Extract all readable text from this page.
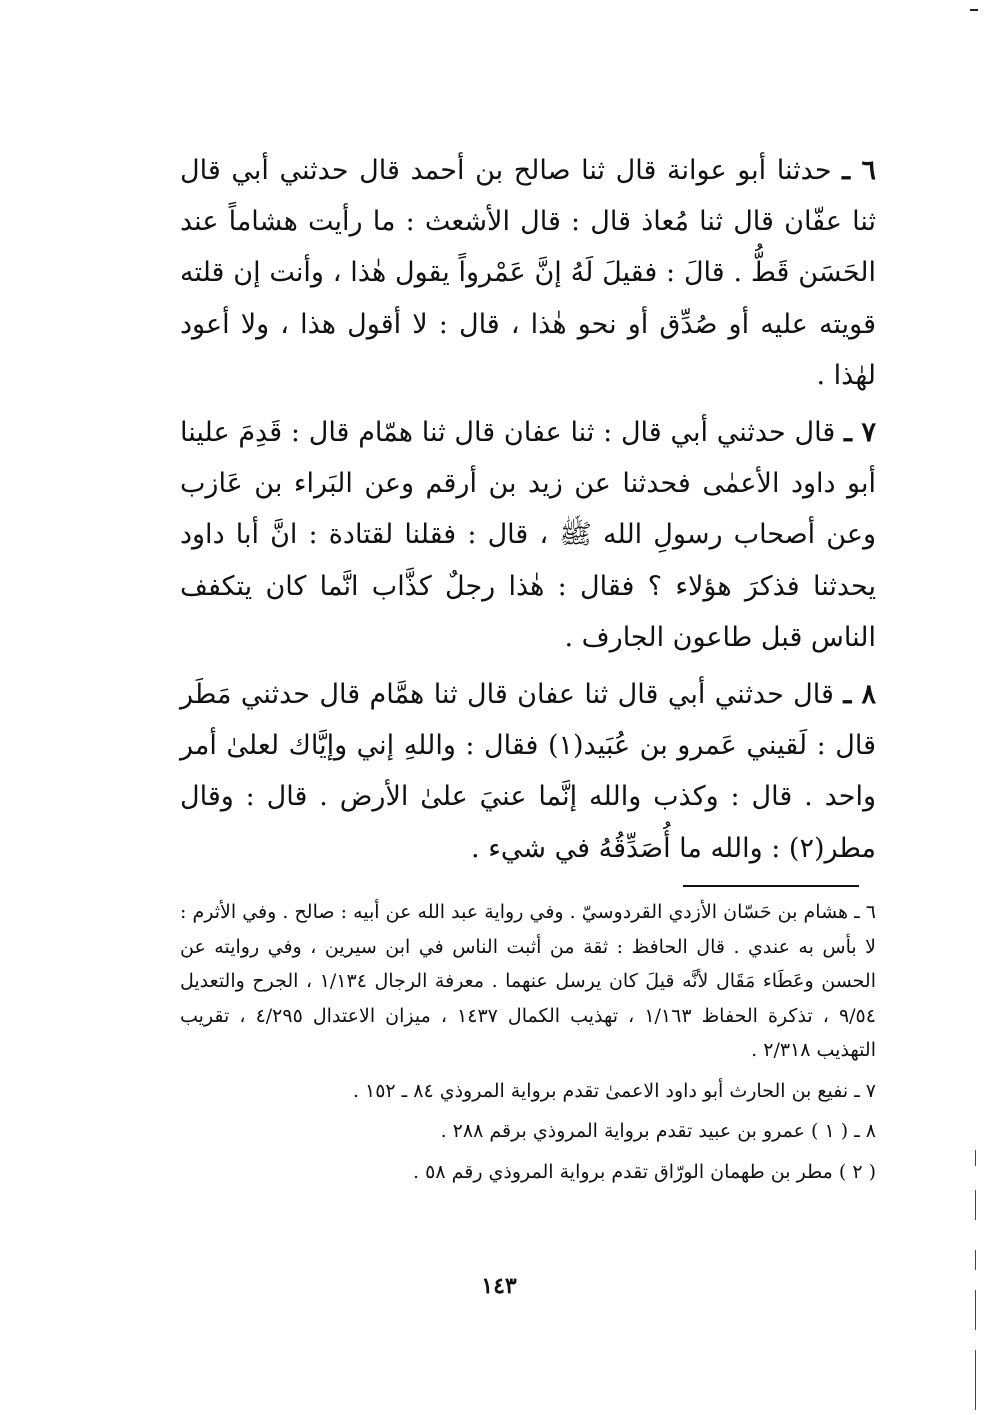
٦ ـ حدثنا أبو عوانة قال ثنا صالح بن أحمد قال حدثني أبي قال ثنا عفّان قال ثنا مُعاذ قال : قال الأشعث : ما رأيت هشاماً عند الحَسَن قَطُّ . قالَ : فقيلَ لَهُ إنَّ عَمْرواً يقول هٰذا ، وأنت إن قلته قويته عليه أو صُدِّق أو نحو هٰذا ، قال : لا أقول هذا ، ولا أعود لهٰذا .

٧ ـ قال حدثني أبي قال : ثنا عفان قال ثنا همّام قال : قَدِمَ علينا أبو داود الأعمٰى فحدثنا عن زيد بن أرقم وعن البَراء بن عَازب وعن أصحاب رسولِ الله ﷺ ، قال : فقلنا لقتادة : انَّ أبا داود يحدثنا فذكرَ هؤلاء ؟ فقال : هٰذا رجلٌ كذَّاب انَّما كان يتكفف الناس قبل طاعون الجارف .

٨ ـ قال حدثني أبي قال ثنا عفان قال ثنا همَّام قال حدثني مَطَر قال : لَقيني عَمرو بن عُبَيد(١) فقال : واللهِ إني وإيَّاك لعلىٰ أمر واحد . قال : وكذب والله إنَّما عنيَ علىٰ الأرض . قال : وقال مطر(٢) : والله ما أُصَدِّقُهُ في شيء .

٦ ـ هشام بن حَسّان الأزدي القردوسيّ . وفي رواية عبد الله عن أبيه : صالح . وفي الأثرم : لا بأس به عندي . قال الحافظ : ثقة من أثبت الناس في ابن سيرين ، وفي روايته عن الحسن وعَطَاء مَقَال لأنَّه قيلَ كان يرسل عنهما . معرفة الرجال ١/١٣٤ ، الجرح والتعديل ٩/٥٤ ، تذكرة الحفاظ ١/١٦٣ ، تهذيب الكمال ١٤٣٧ ، ميزان الاعتدال ٤/٢٩٥ ، تقريب التهذيب ٢/٣١٨ .

٧ ـ نفيع بن الحارث أبو داود الاعمىٰ تقدم برواية المروذي ٨٤ ـ ١٥٢ .

٨ ـ ( ١ ) عمرو بن عبيد تقدم برواية المروذي برقم ٢٨٨ .

( ٢ ) مطر بن طهمان الورّاق تقدم برواية المروذي رقم ٥٨ .

١٤٣
